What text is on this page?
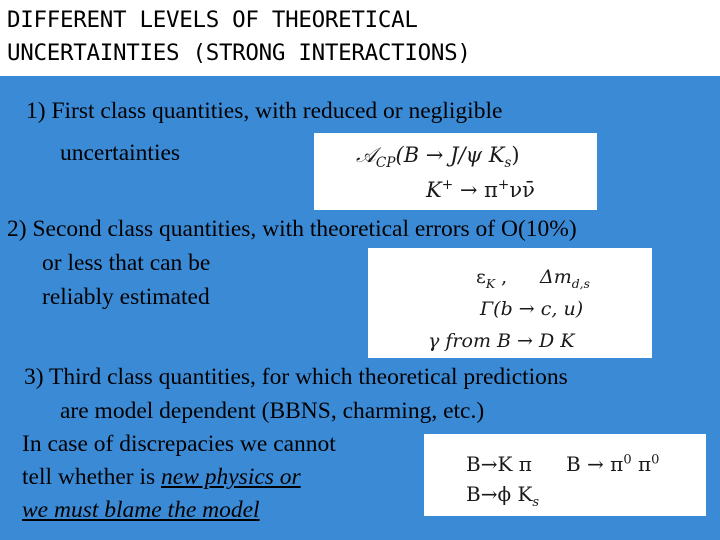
DIFFERENT LEVELS OF THEORETICAL
UNCERTAINTIES (STRONG INTERACTIONS)
1) First class quantities, with reduced or negligible
uncertainties	𝒜$_{CP}$(B → J/ψ $K_s$)
K+ → π+νν̄
2) Second class quantities, with theoretical errors of O(10%)
or less that can be
reliably estimated
$\varepsilon_K$ , $\Delta m_{d,s}$
Γ(b → c, u)
γ from B → D K
3) Third class quantities, for which theoretical predictions
are model dependent (BBNS, charming, etc.)
In case of discrepacies we cannot
tell whether is new physics or
we must blame the model
B→K π $B \to \pi^0$ $\pi^0$
B→ϕ $K_s$
